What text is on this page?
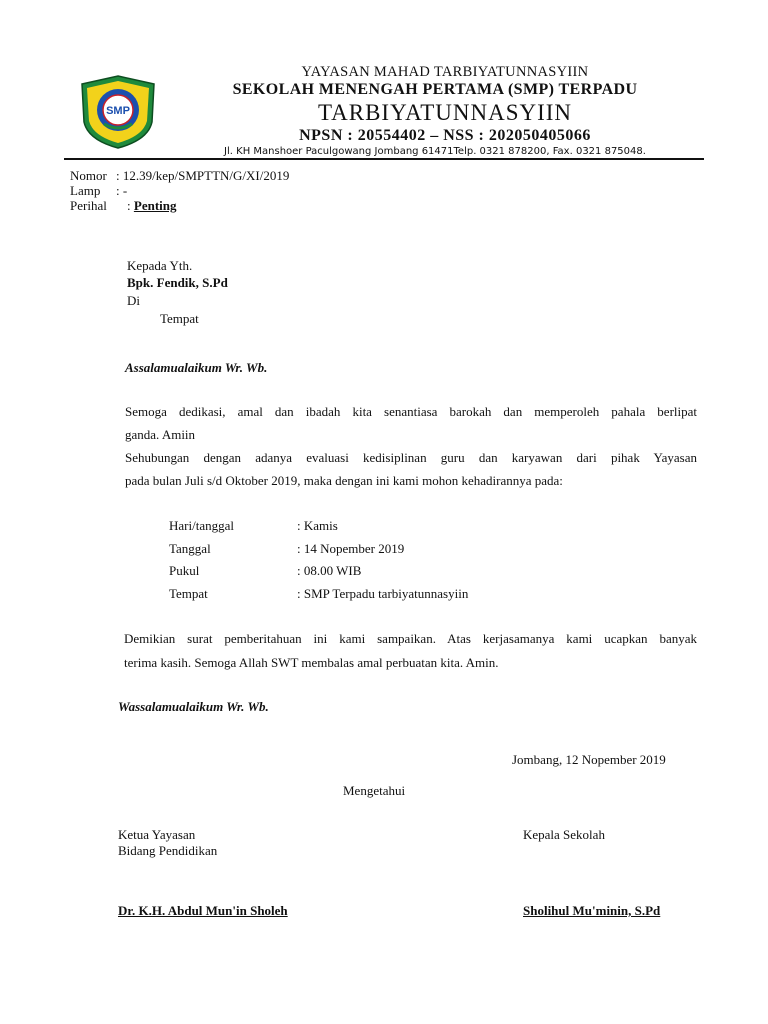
SMP
YAYASAN MAHAD TARBIYATUNNASYIIN
SEKOLAH MENENGAH PERTAMA (SMP) TERPADU
TARBIYATUNNASYIIN
NPSN : 20554402 – NSS : 202050405066
Jl. KH Manshoer Paculgowang Jombang 61471Telp. 0321 878200, Fax. 0321 875048.
Nomor : 12.39/kep/SMPTTN/G/XI/2019
Lamp : -
Perihal : Penting
Kepada Yth.
Bpk. Fendik, S.Pd
Di
Tempat
Assalamualaikum Wr. Wb.
Semoga dedikasi, amal dan ibadah kita senantiasa barokah dan memperoleh pahala berlipat
ganda. Amiin
Sehubungan dengan adanya evaluasi kedisiplinan guru dan karyawan dari pihak Yayasan
pada bulan Juli s/d Oktober 2019, maka dengan ini kami mohon kehadirannya pada:
Hari/tanggal	: Kamis
Tanggal	: 14 Nopember 2019
Pukul	: 08.00 WIB
Tempat	: SMP Terpadu tarbiyatunnasyiin
Demikian surat pemberitahuan ini kami sampaikan. Atas kerjasamanya kami ucapkan banyak
terima kasih. Semoga Allah SWT membalas amal perbuatan kita. Amin.
Wassalamualaikum Wr. Wb.
Jombang, 12 Nopember 2019
Mengetahui
Ketua Yayasan
Bidang Pendidikan
Kepala Sekolah
Dr. K.H. Abdul Mun'in Sholeh	Sholihul Mu'minin, S.Pd
